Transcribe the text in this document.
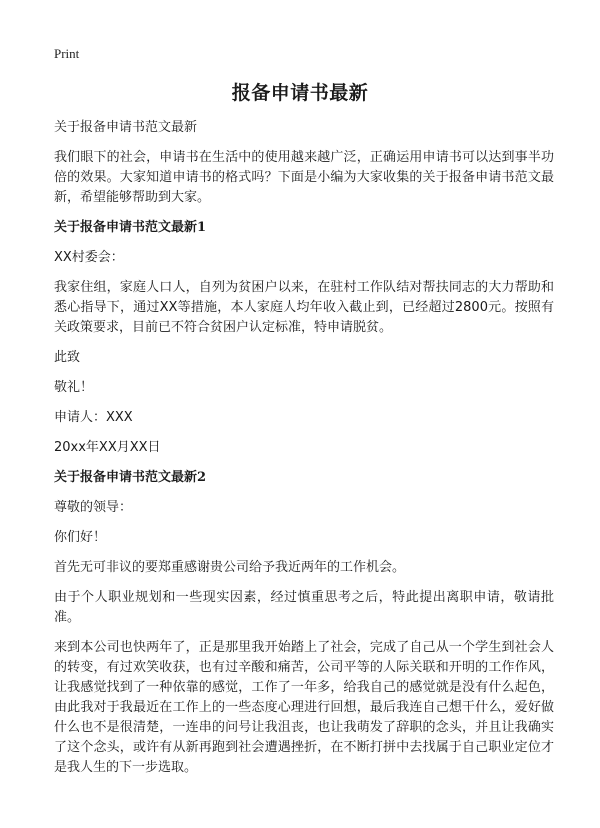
Print
报备申请书最新

关于报备申请书范文最新

我们眼下的社会，申请书在生活中的使用越来越广泛，正确运用申请书可以达到事半功倍的效果。大家知道申请书的格式吗？下面是小编为大家收集的关于报备申请书范文最新，希望能够帮助到大家。

关于报备申请书范文最新1

XX村委会：

我家住组，家庭人口人，自列为贫困户以来，在驻村工作队结对帮扶同志的大力帮助和悉心指导下，通过XX等措施，本人家庭人均年收入截止到，已经超过2800元。按照有关政策要求，目前已不符合贫困户认定标准，特申请脱贫。

此致

敬礼！

申请人：XXX

20xx年XX月XX日

关于报备申请书范文最新2

尊敬的领导：

你们好！

首先无可非议的要郑重感谢贵公司给予我近两年的工作机会。

由于个人职业规划和一些现实因素，经过慎重思考之后，特此提出离职申请，敬请批准。

来到本公司也快两年了，正是那里我开始踏上了社会，完成了自己从一个学生到社会人的转变，有过欢笑收获，也有过辛酸和痛苦，公司平等的人际关联和开明的工作作风，让我感觉找到了一种依靠的感觉，工作了一年多，给我自己的感觉就是没有什么起色，由此我对于我最近在工作上的一些态度心理进行回想，最后我连自己想干什么，爱好做什么也不是很清楚，一连串的问号让我沮丧，也让我萌发了辞职的念头，并且让我确实了这个念头，或许有从新再跑到社会遭遇挫折，在不断打拼中去找属于自己职业定位才是我人生的下一步选取。
